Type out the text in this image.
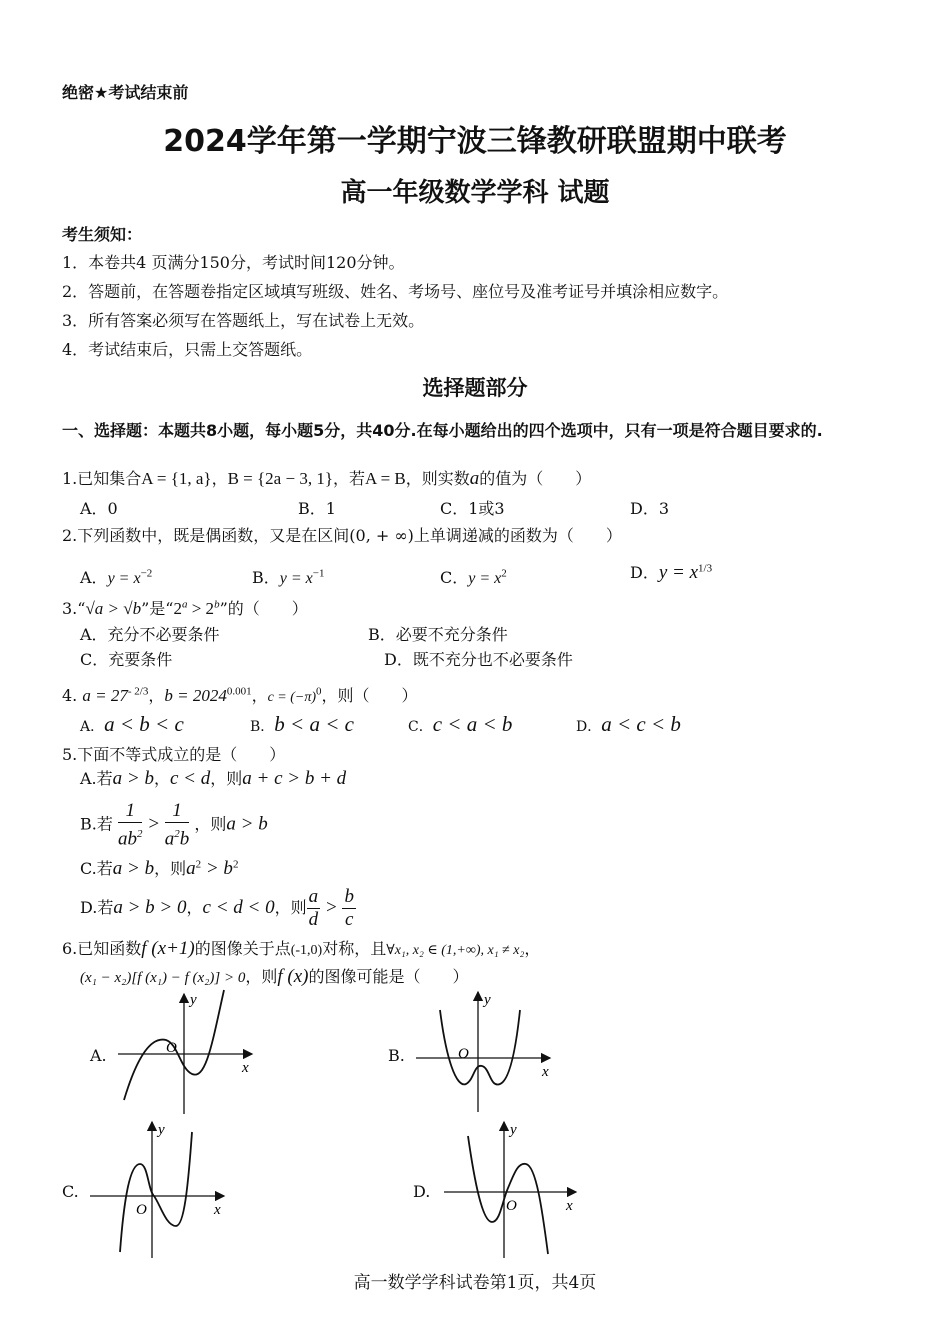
绝密★考试结束前
2024学年第一学期宁波三锋教研联盟期中联考
高一年级数学学科 试题
考生须知：
1．本卷共4 页满分150分，考试时间120分钟。
2．答题前，在答题卷指定区域填写班级、姓名、考场号、座位号及准考证号并填涂相应数字。
3．所有答案必须写在答题纸上，写在试卷上无效。
4．考试结束后，只需上交答题纸。
选择题部分
一、选择题：本题共8小题，每小题5分，共40分.在每小题给出的四个选项中，只有一项是符合题目要求的.
1.已知集合A = {1, a}，B = {2a − 3, 1}，若A = B，则实数a的值为（　　）
A．0	B．1	C．1或3	D．3
2.下列函数中，既是偶函数，又是在区间(0, + ∞)上单调递减的函数为（　　）
A．$y = x^{-2}$	B．$y = x^{-1}$	C．$y = x^2$	D．$y = x^{1/3}$
3.“√a > √b”是“$2^a > 2^b$”的（　　）
A．充分不必要条件	B．必要不充分条件
C．充要条件	D．既不充分也不必要条件
4. $a = 27^{- 2/3}$，$b = 2024^{0.001}$，$c = (-\pi)^0$，则（　　）
A．a < b < c	B．b < a < c	C．c < a < b	D．a < c < b
5.下面不等式成立的是（　　）
A.若a > b，c < d，则a + c > b + d
B.若 $\frac{1}{ab^2} > \frac{1}{a^2b}$ ，则a > b
C.若a > b，则$a^2 > b^2$
D.若a > b > 0，c < d < 0，则 $\frac{a}{d} > \frac{b}{c}$
6.已知函数f (x+1)的图像关于点(-1,0)对称，且∀x₁, x₂ ∈ (1,+∞), x₁ ≠ x₂，
(x₁ − x₂)[f (x₁) − f (x₂)] > 0，则f (x)的图像可能是（　　）
A.	B.
C.	D.
O
x
y
O
x
y
O	x
y
O	x
y
高一数学学科试卷第1页，共4页
